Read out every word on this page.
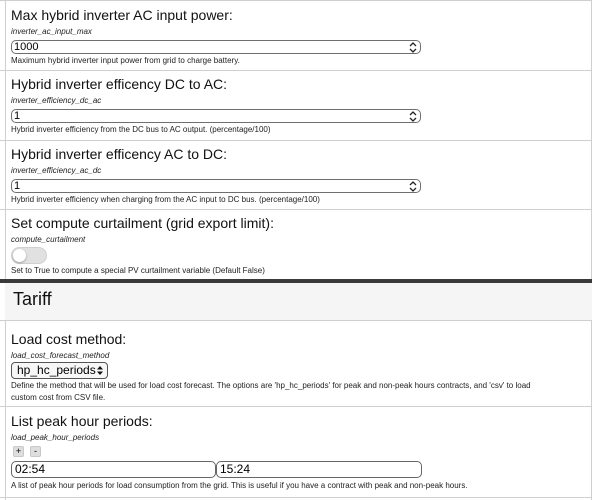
Max hybrid inverter AC input power:
inverter_ac_input_max
1000
Maximum hybrid inverter input power from grid to charge battery.
Hybrid inverter efficency DC to AC:
inverter_efficiency_dc_ac
1
Hybrid inverter efficiency from the DC bus to AC output. (percentage/100)
Hybrid inverter efficency AC to DC:
inverter_efficiency_ac_dc
1
Hybrid inverter efficiency when charging from the AC input to DC bus. (percentage/100)
Set compute curtailment (grid export limit):
compute_curtailment
Set to True to compute a special PV curtailment variable (Default False)
Tariff
Load cost method:
load_cost_forecast_method
hp_hc_periods
Define the method that will be used for load cost forecast. The options are 'hp_hc_periods' for peak and non-peak hours contracts, and 'csv' to load
custom cost from CSV file.
List peak hour periods:
load_peak_hour_periods
+	-
02:54	15:24
A list of peak hour periods for load consumption from the grid. This is useful if you have a contract with peak and non-peak hours.
